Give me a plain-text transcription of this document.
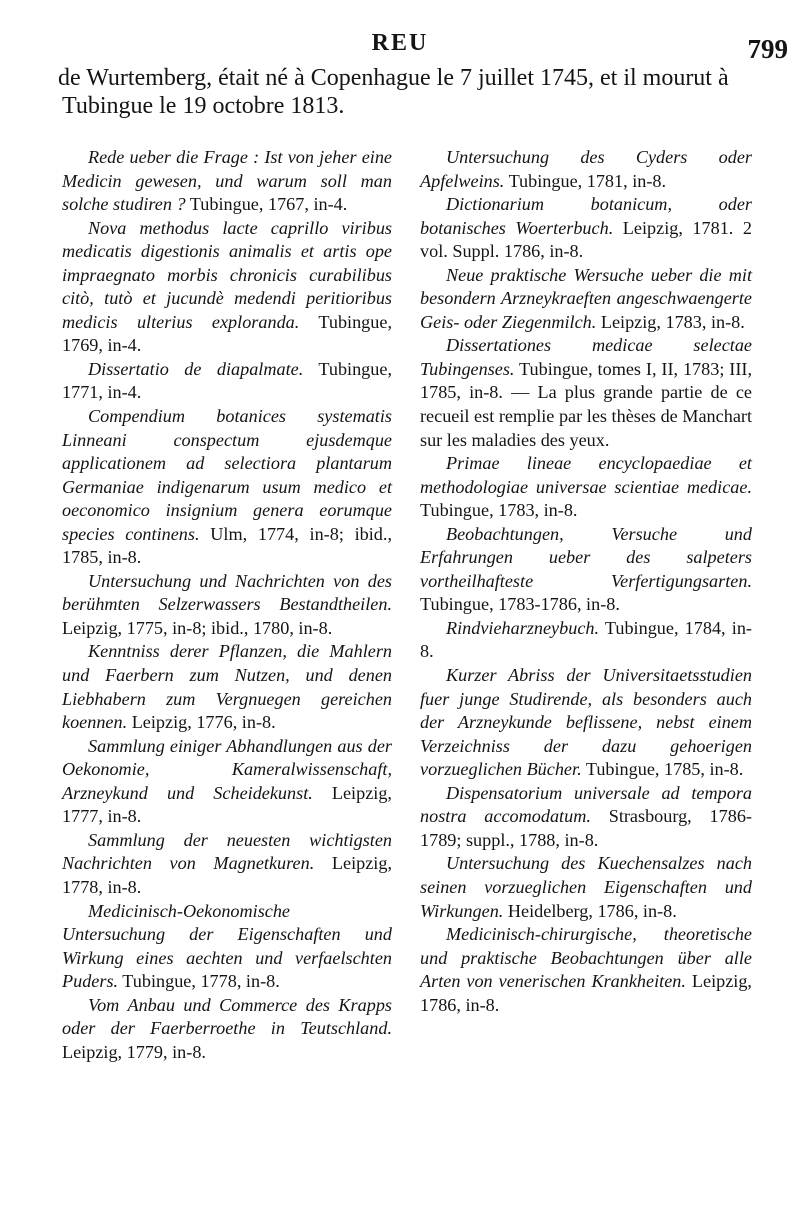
REU	799

de Wurtemberg, était né à Copenhague le 7 juillet 1745, et il mourut à Tubingue le 19 octobre 1813.

Rede ueber die Frage : Ist von jeher eine Medicin gewesen, und warum soll man solche studiren ? Tubingue, 1767, in-4.

Nova methodus lacte caprillo viribus medicatis digestionis animalis et artis ope impraegnato morbis chronicis curabilibus citò, tutò et jucundè medendi peritioribus medicis ulterius exploranda. Tubingue, 1769, in-4.

Dissertatio de diapalmate. Tubingue, 1771, in-4.

Compendium botanices systematis Linneani conspectum ejusdemque applicationem ad selectiora plantarum Germaniae indigenarum usum medico et oeconomico insignium genera eorumque species continens. Ulm, 1774, in-8; ibid., 1785, in-8.

Untersuchung und Nachrichten von des berühmten Selzerwassers Bestandtheilen. Leipzig, 1775, in-8; ibid., 1780, in-8.

Kenntniss derer Pflanzen, die Mahlern und Faerbern zum Nutzen, und denen Liebhabern zum Vergnuegen gereichen koennen. Leipzig, 1776, in-8.

Sammlung einiger Abhandlungen aus der Oekonomie, Kameralwissenschaft, Arzneykund und Scheidekunst. Leipzig, 1777, in-8.

Sammlung der neuesten wichtigsten Nachrichten von Magnetkuren. Leipzig, 1778, in-8.

Medicinisch-Oekonomische Untersuchung der Eigenschaften und Wirkung eines aechten und verfaelschten Puders. Tubingue, 1778, in-8.

Vom Anbau und Commerce des Krapps oder der Faerberroethe in Teutschland. Leipzig, 1779, in-8.

Untersuchung des Cyders oder Apfelweins. Tubingue, 1781, in-8.

Dictionarium botanicum, oder botanisches Woerterbuch. Leipzig, 1781. 2 vol. Suppl. 1786, in-8.

Neue praktische Wersuche ueber die mit besondern Arzneykraeften angeschwaengerte Geis- oder Ziegenmilch. Leipzig, 1783, in-8.

Dissertationes medicae selectae Tubingenses. Tubingue, tomes I, II, 1783; III, 1785, in-8. — La plus grande partie de ce recueil est remplie par les thèses de Manchart sur les maladies des yeux.

Primae lineae encyclopaediae et methodologiae universae scientiae medicae. Tubingue, 1783, in-8.

Beobachtungen, Versuche und Erfahrungen ueber des salpeters vortheilhafteste Verfertigungsarten. Tubingue, 1783-1786, in-8.

Rindvieharzneybuch. Tubingue, 1784, in-8.

Kurzer Abriss der Universitaetsstudien fuer junge Studirende, als besonders auch der Arzneykunde beflissene, nebst einem Verzeichniss der dazu gehoerigen vorzueglichen Bücher. Tubingue, 1785, in-8.

Dispensatorium universale ad tempora nostra accomodatum. Strasbourg, 1786-1789; suppl., 1788, in-8.

Untersuchung des Kuechensalzes nach seinen vorzueglichen Eigenschaften und Wirkungen. Heidelberg, 1786, in-8.

Medicinisch-chirurgische, theoretische und praktische Beobachtungen über alle Arten von venerischen Krankheiten. Leipzig, 1786, in-8.
